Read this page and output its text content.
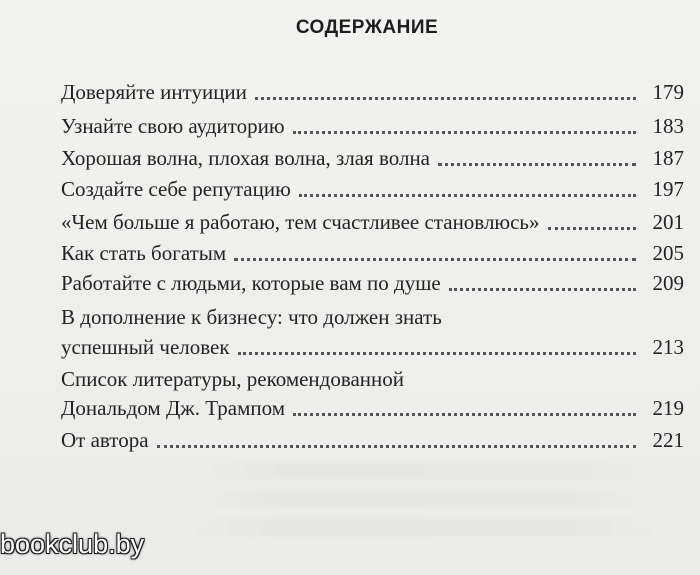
СОДЕРЖАНИЕ
Доверяйте интуиции	179
Узнайте свою аудиторию	183
Хорошая волна, плохая волна, злая волна	187
Создайте себе репутацию	197
«Чем больше я работаю, тем счастливее становлюсь»	201
Как стать богатым	205
Работайте с людьми, которые вам по душе	209
В дополнение к бизнесу: что должен знать
успешный человек	213
Список литературы, рекомендованной
Дональдом Дж. Трампом	219
От автора	221
bookclub.by
